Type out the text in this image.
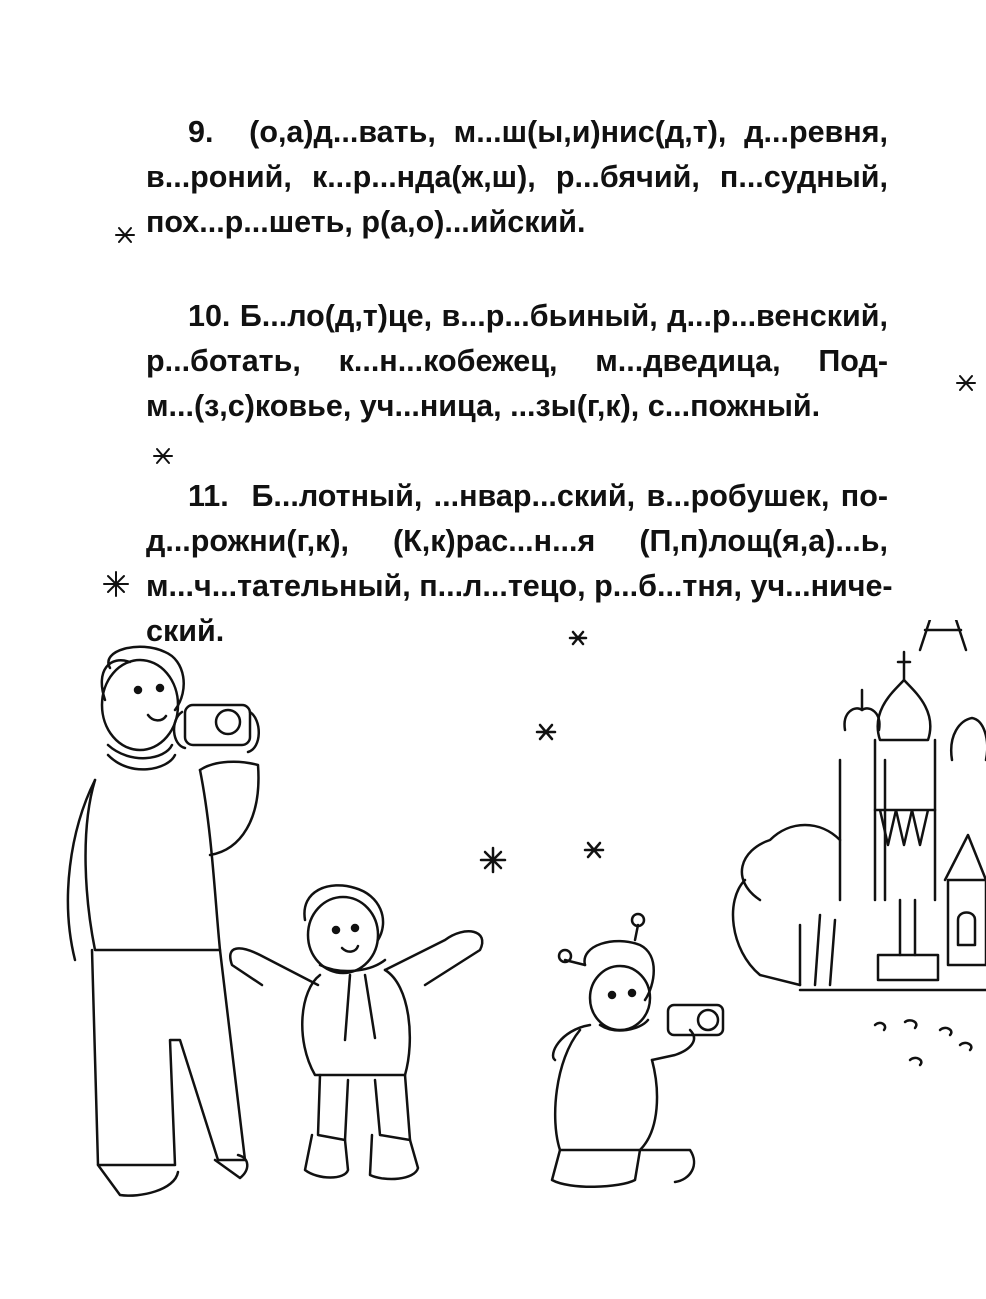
9. (о,а)д...вать, м...ш(ы,и)нис(д,т), д...ревня,
в...роний, к...р...нда(ж,ш), р...бячий, п...судный,
пох...р...шеть, р(а,о)...ийский.
10. Б...ло(д,т)це, в...р...бьиный, д...р...венский,
р...ботать, к...н...кобежец, м...дведица, Под-
м...(з,с)ковье, уч...ница, ...зы(г,к), с...пожный.
11. Б...лотный, ...нвар...ский, в...робушек, по-
д...рожни(г,к), (К,к)рас...н...я (П,п)лощ(я,а)...ь,
м...ч...тательный, п...л...тецо, р...б...тня, уч...ниче-
ский.
